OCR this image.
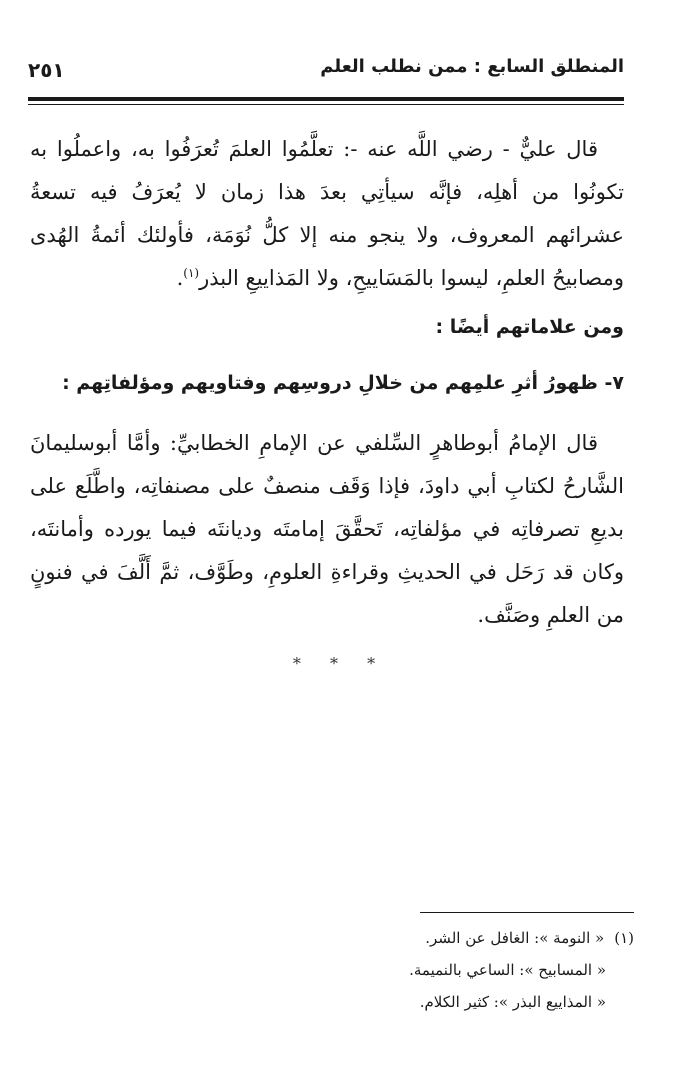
المنطلق السابع : ممن نطلب العلم
٢٥١
قال عليٌّ - رضي اللَّه عنه -: تعلَّمُوا العلمَ تُعرَفُوا به، واعملُوا به تكونُوا من أهلِه، فإنَّه سيأتِي بعدَ هذا زمان لا يُعرَفُ فيه تسعةُ عشرائهم المعروف، ولا ينجو منه إلا كلُّ نُوَمَة، فأولئك أئمةُ الهُدى ومصابيحُ العلمِ، ليسوا بالمَسَاييحِ، ولا المَذاييعِ البذر$^{(١)}$.
ومن علاماتهم أيضًا :
٧- ظهورُ أثرِ علمِهم من خلالِ دروسِهم وفتاويهم ومؤلفاتِهم :
قال الإمامُ أبوطاهرٍ السِّلفي عن الإمامِ الخطابيِّ: وأمَّا أبوسليمانَ الشَّارحُ لكتابِ أبي داودَ، فإذا وَقَف منصفٌ على مصنفاتِه، واطَّلَع على بديعِ تصرفاتِه في مؤلفاتِه، تَحقَّقَ إمامتَه وديانتَه فيما يورده وأمانتَه، وكان قد رَحَل في الحديثِ وقراءةِ العلومِ، وطَوَّف، ثمَّ أَلَّفَ في فنونٍ من العلمِ وصَنَّف.
* * *
(١)« النومة »: الغافل عن الشر.
« المسابيح »: الساعي بالنميمة.
« المذاييع البذر »: كثير الكلام.
